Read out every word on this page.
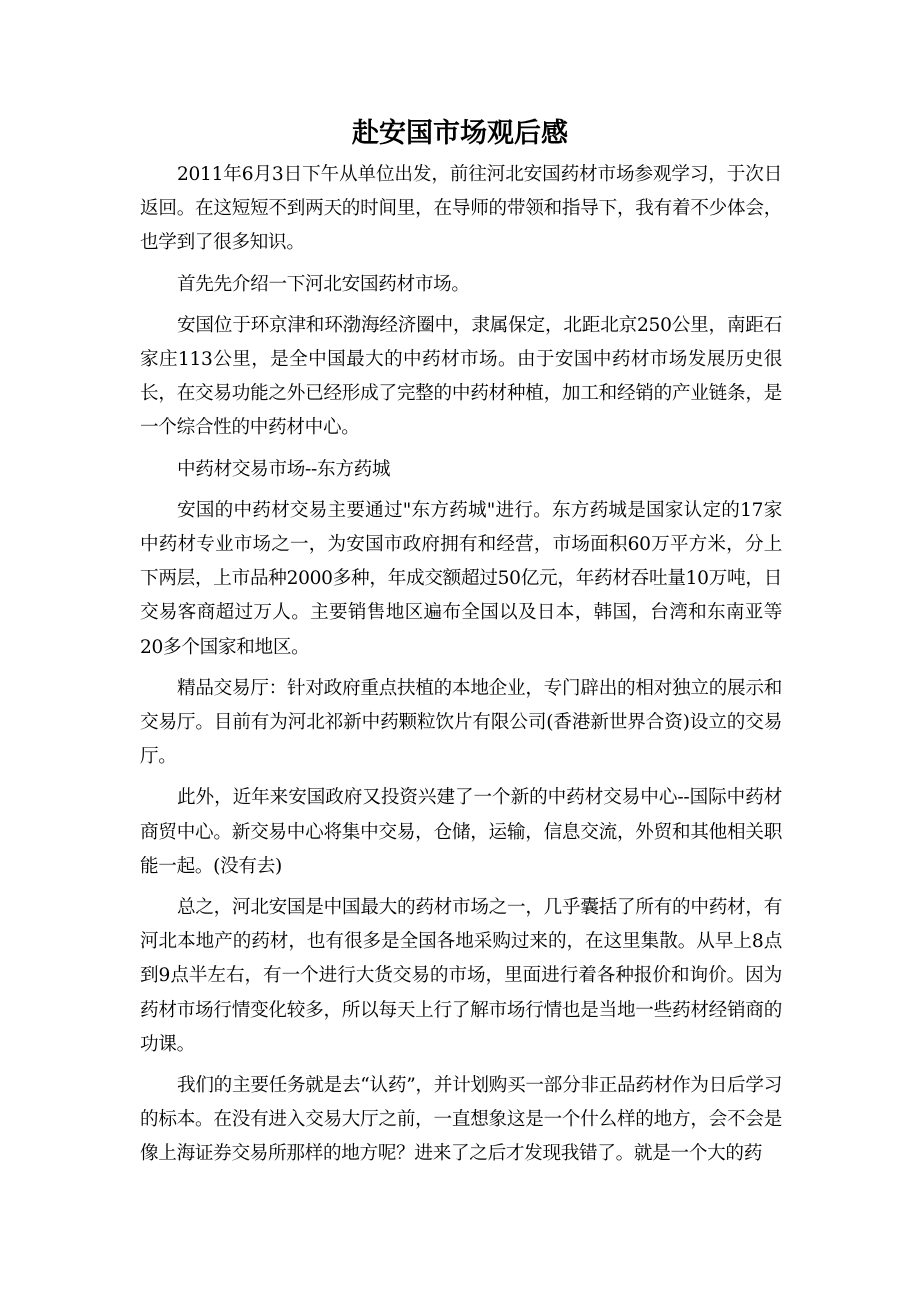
赴安国市场观后感

2011年6月3日下午从单位出发，前往河北安国药材市场参观学习，于次日返回。在这短短不到两天的时间里，在导师的带领和指导下，我有着不少体会，也学到了很多知识。

首先先介绍一下河北安国药材市场。

安国位于环京津和环渤海经济圈中，隶属保定，北距北京250公里，南距石家庄113公里，是全中国最大的中药材市场。由于安国中药材市场发展历史很长，在交易功能之外已经形成了完整的中药材种植，加工和经销的产业链条，是一个综合性的中药材中心。

中药材交易市场--东方药城

安国的中药材交易主要通过"东方药城"进行。东方药城是国家认定的17家中药材专业市场之一，为安国市政府拥有和经营，市场面积60万平方米，分上下两层，上市品种2000多种，年成交额超过50亿元，年药材吞吐量10万吨，日交易客商超过万人。主要销售地区遍布全国以及日本，韩国，台湾和东南亚等20多个国家和地区。

精品交易厅：针对政府重点扶植的本地企业，专门辟出的相对独立的展示和交易厅。目前有为河北祁新中药颗粒饮片有限公司(香港新世界合资)设立的交易厅。

此外，近年来安国政府又投资兴建了一个新的中药材交易中心--国际中药材商贸中心。新交易中心将集中交易，仓储，运输，信息交流，外贸和其他相关职能一起。(没有去)

总之，河北安国是中国最大的药材市场之一，几乎囊括了所有的中药材，有河北本地产的药材，也有很多是全国各地采购过来的，在这里集散。从早上8点到9点半左右，有一个进行大货交易的市场，里面进行着各种报价和询价。因为药材市场行情变化较多，所以每天上行了解市场行情也是当地一些药材经销商的功课。

我们的主要任务就是去“认药”，并计划购买一部分非正品药材作为日后学习的标本。在没有进入交易大厅之前，一直想象这是一个什么样的地方，会不会是像上海证券交易所那样的地方呢？进来了之后才发现我错了。就是一个大的药
